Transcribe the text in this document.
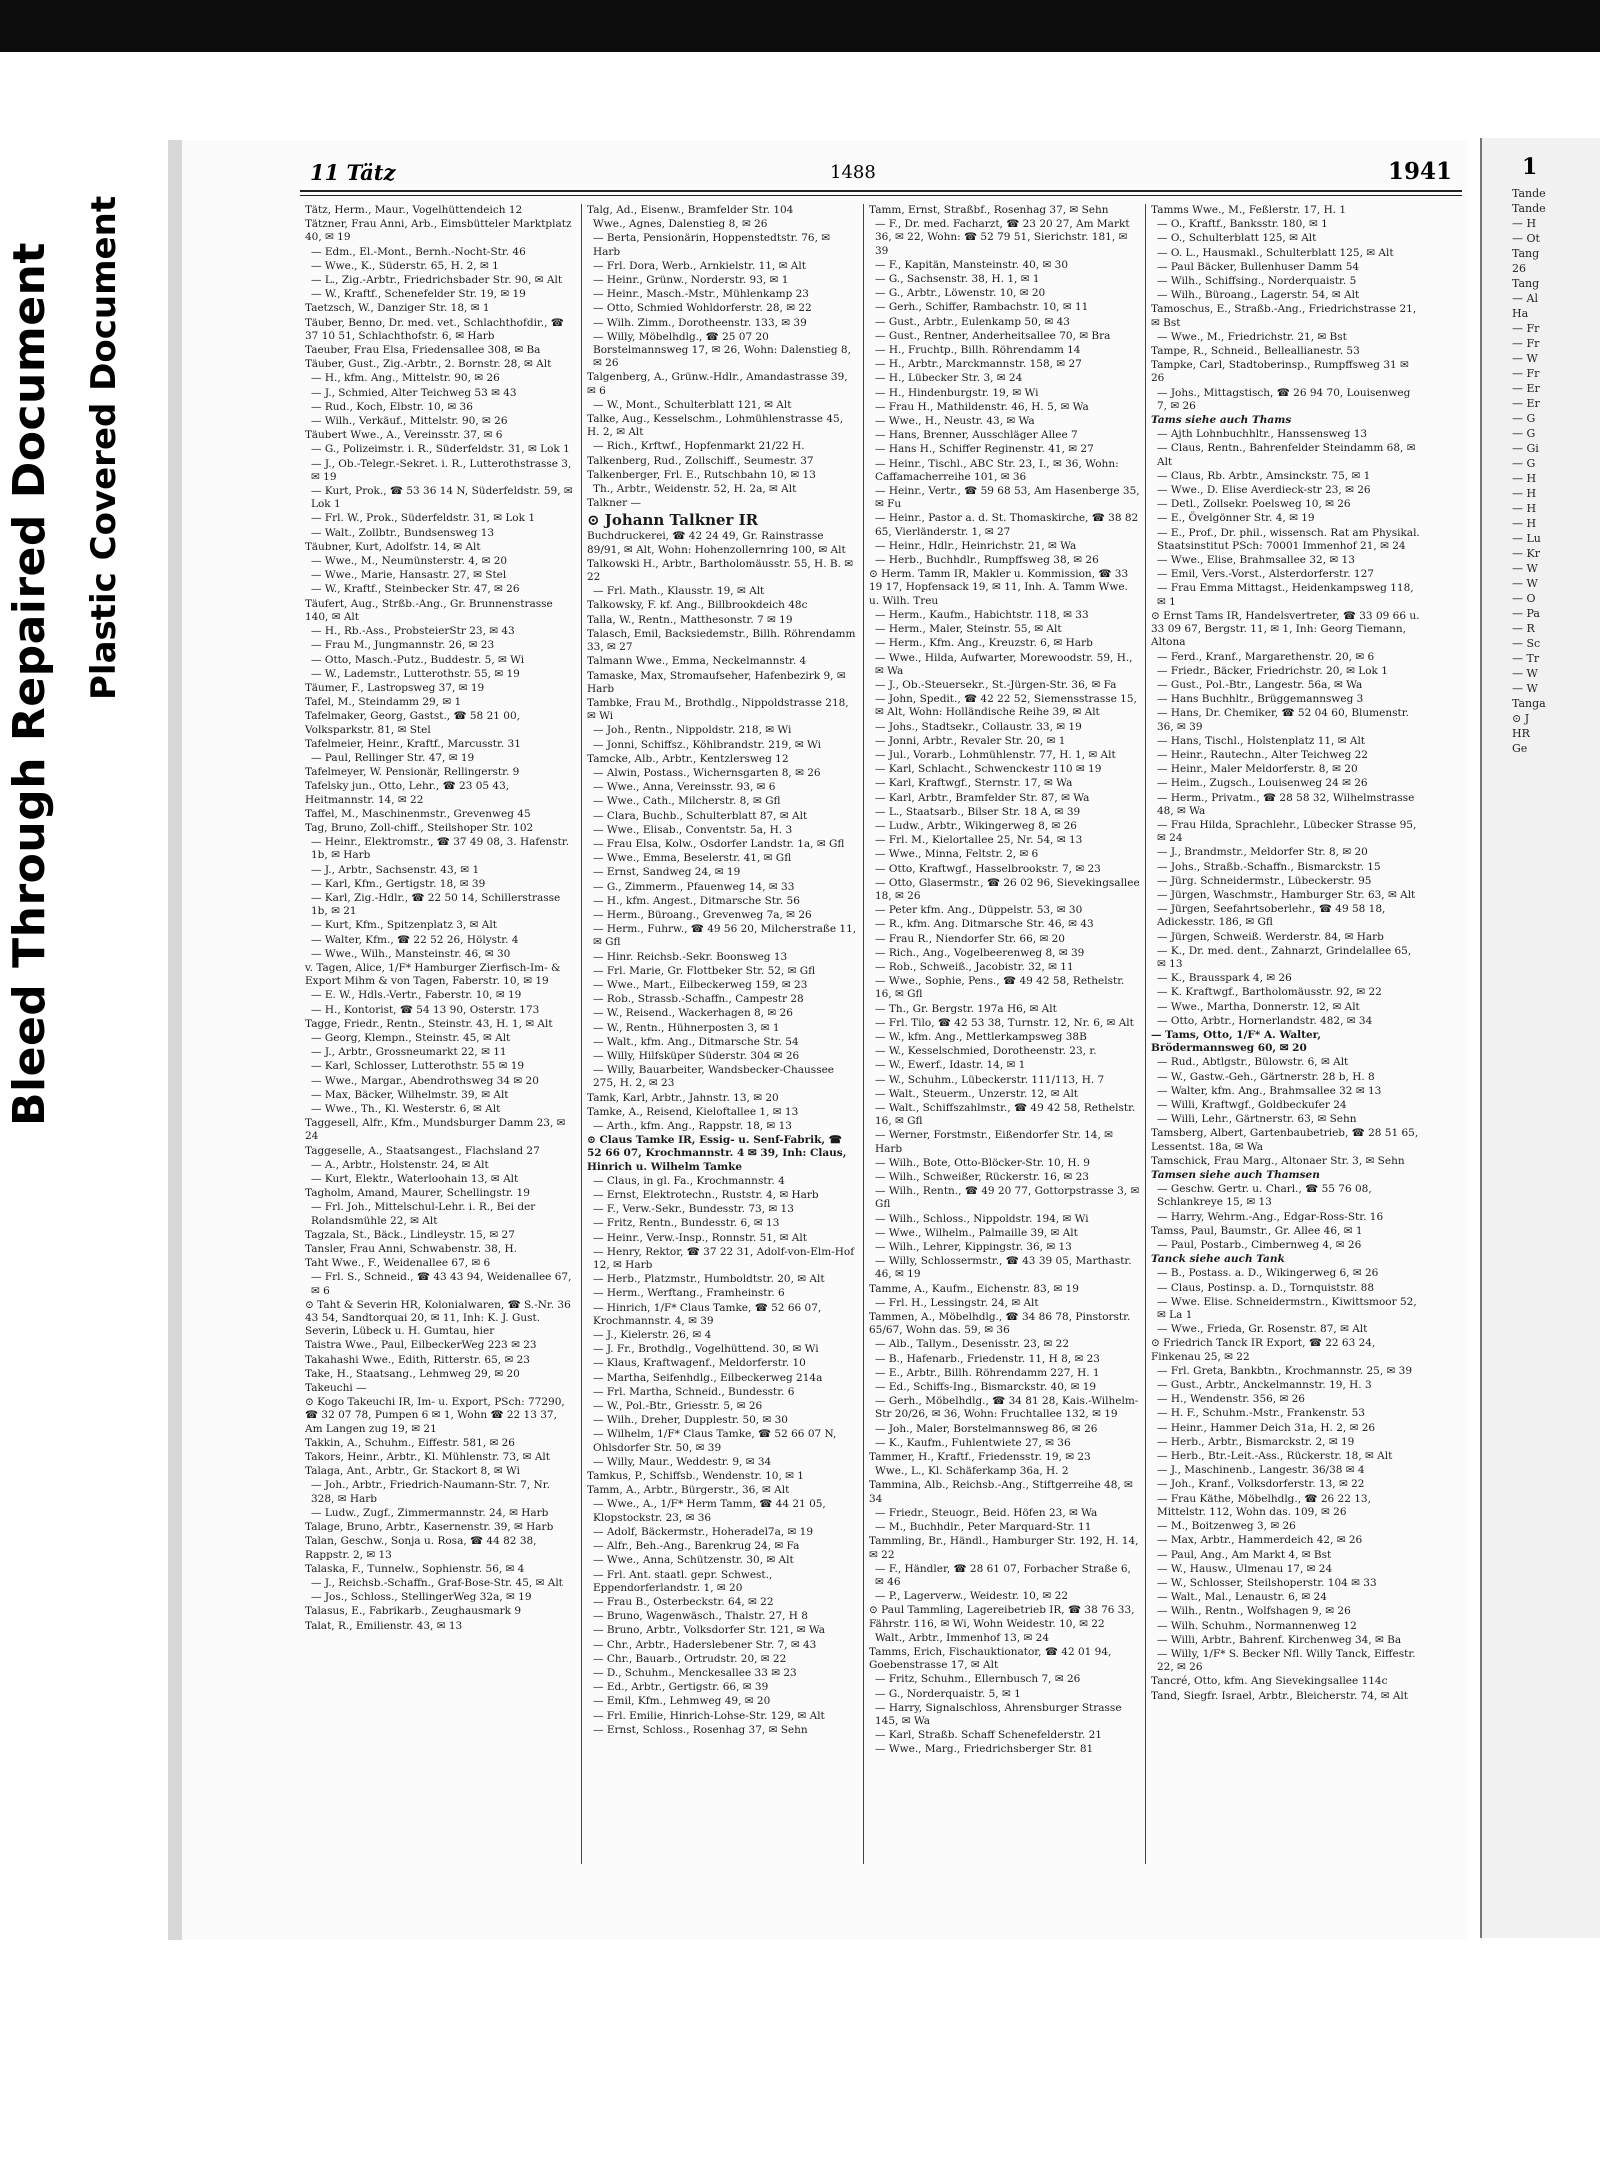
Bleed Through Repaired Document Plastic Covered Document
11 Tätz	1488	1941
Tätz, Herm., Maur., Vogelhüttendeich 12
Tätzner, Frau Anni, Arb., Eimsbütteler Marktplatz 40, ✉ 19
— Edm., El.-Mont., Bernh.-Nocht-Str. 46
— Wwe., K., Süderstr. 65, H. 2, ✉ 1
— L., Zig.-Arbtr., Friedrichsbader Str. 90, ✉ Alt
— W., Kraftf., Schenefelder Str. 19, ✉ 19
Taetzsch, W., Danziger Str. 18, ✉ 1
Täuber, Benno, Dr. med. vet., Schlachthofdir., ☎ 37 10 51, Schlachthofstr. 6, ✉ Harb
Taeuber, Frau Elsa, Friedensallee 308, ✉ Ba
Täuber, Gust., Zig.-Arbtr., 2. Bornstr. 28, ✉ Alt
— H., kfm. Ang., Mittelstr. 90, ✉ 26
— J., Schmied, Alter Teichweg 53 ✉ 43
— Rud., Koch, Elbstr. 10, ✉ 36
— Wilh., Verkäuf., Mittelstr. 90, ✉ 26
Täubert Wwe., A., Vereinsstr. 37, ✉ 6
— G., Polizeimstr. i. R., Süderfeldstr. 31, ✉ Lok 1
— J., Ob.-Telegr.-Sekret. i. R., Lutterothstrasse 3, ✉ 19
— Kurt, Prok., ☎ 53 36 14 N, Süderfeldstr. 59, ✉ Lok 1
— Frl. W., Prok., Süderfeldstr. 31, ✉ Lok 1
— Walt., Zollbtr., Bundsensweg 13
Täubner, Kurt, Adolfstr. 14, ✉ Alt
— Wwe., M., Neumünsterstr. 4, ✉ 20
— Wwe., Marie, Hansastr. 27, ✉ Stel
— W., Kraftf., Steinbecker Str. 47, ✉ 26
Täufert, Aug., Strßb.-Ang., Gr. Brunnenstrasse 140, ✉ Alt
— H., Rb.-Ass., ProbsteierStr 23, ✉ 43
— Frau M., Jungmannstr. 26, ✉ 23
— Otto, Masch.-Putz., Buddestr. 5, ✉ Wi
— W., Lademstr., Lutterothstr. 55, ✉ 19
Täumer, F., Lastropsweg 37, ✉ 19
Tafel, M., Steindamm 29, ✉ 1
Tafelmaker, Georg, Gastst., ☎ 58 21 00, Volksparkstr. 81, ✉ Stel
Tafelmeier, Heinr., Kraftf., Marcusstr. 31
— Paul, Rellinger Str. 47, ✉ 19
Tafelmeyer, W. Pensionär, Rellingerstr. 9
Tafelsky jun., Otto, Lehr., ☎ 23 05 43, Heitmannstr. 14, ✉ 22
Taffel, M., Maschinenmstr., Grevenweg 45
Tag, Bruno, Zoll-chiff., Steilshoper Str. 102
— Heinr., Elektromstr., ☎ 37 49 08, 3. Hafenstr. 1b, ✉ Harb
— J., Arbtr., Sachsenstr. 43, ✉ 1
— Karl, Kfm., Gertigstr. 18, ✉ 39
— Karl, Zig.-Hdlr., ☎ 22 50 14, Schillerstrasse 1b, ✉ 21
— Kurt, Kfm., Spitzenplatz 3, ✉ Alt
— Walter, Kfm., ☎ 22 52 26, Hölystr. 4
— Wwe., Wilh., Mansteinstr. 46, ✉ 30
v. Tagen, Alice, 1/F* Hamburger Zierfisch-Im- & Export Mihm & von Tagen, Faberstr. 10, ✉ 19
— E. W., Hdls.-Vertr., Faberstr. 10, ✉ 19
— H., Kontorist, ☎ 54 13 90, Osterstr. 173
Tagge, Friedr., Rentn., Steinstr. 43, H. 1, ✉ Alt
— Georg, Klempn., Steinstr. 45, ✉ Alt
— J., Arbtr., Grossneumarkt 22, ✉ 11
— Karl, Schlosser, Lutterothstr. 55 ✉ 19
— Wwe., Margar., Abendrothsweg 34 ✉ 20
— Max, Bäcker, Wilhelmstr. 39, ✉ Alt
— Wwe., Th., Kl. Westerstr. 6, ✉ Alt
Taggesell, Alfr., Kfm., Mundsburger Damm 23, ✉ 24
Taggeselle, A., Staatsangest., Flachsland 27
— A., Arbtr., Holstenstr. 24, ✉ Alt
— Kurt, Elektr., Waterloohain 13, ✉ Alt
Tagholm, Amand, Maurer, Schellingstr. 19
— Frl. Joh., Mittelschul-Lehr. i. R., Bei der Rolandsmühle 22, ✉ Alt
Tagzala, St., Bäck., Lindleystr. 15, ✉ 27
Tansler, Frau Anni, Schwabenstr. 38, H.
Taht Wwe., F., Weidenallee 67, ✉ 6
— Frl. S., Schneid., ☎ 43 43 94, Weidenallee 67, ✉ 6
⊙ Taht & Severin HR, Kolonialwaren, ☎ S.-Nr. 36 43 54, Sandtorquai 20, ✉ 11, Inh: K. J. Gust. Severin, Lübeck u. H. Gumtau, hier
Taistra Wwe., Paul, EilbeckerWeg 223 ✉ 23
Takahashi Wwe., Edith, Ritterstr. 65, ✉ 23
Take, H., Staatsang., Lehmweg 29, ✉ 20
Takeuchi —
⊙ Kogo Takeuchi IR, Im- u. Export, PSch: 77290, ☎ 32 07 78, Pumpen 6 ✉ 1, Wohn ☎ 22 13 37, Am Langen zug 19, ✉ 21
Takkin, A., Schuhm., Eiffestr. 581, ✉ 26
Takors, Heinr., Arbtr., Kl. Mühlenstr. 73, ✉ Alt
Talaga, Ant., Arbtr., Gr. Stackort 8, ✉ Wi
— Joh., Arbtr., Friedrich-Naumann-Str. 7, Nr. 328, ✉ Harb
— Ludw., Zugf., Zimmermannstr. 24, ✉ Harb
Talage, Bruno, Arbtr., Kasernenstr. 39, ✉ Harb
Talan, Geschw., Sonja u. Rosa, ☎ 44 82 38, Rappstr. 2, ✉ 13
Talaska, F., Tunnelw., Sophienstr. 56, ✉ 4
— J., Reichsb.-Schaffn., Graf-Bose-Str. 45, ✉ Alt
— Jos., Schloss., StellingerWeg 32a, ✉ 19
Talasus, E., Fabrikarb., Zeughausmark 9
Talat, R., Emilienstr. 43, ✉ 13
Talg, Ad., Eisenw., Bramfelder Str. 104
Wwe., Agnes, Dalenstieg 8, ✉ 26
— Berta, Pensionärin, Hoppenstedtstr. 76, ✉ Harb
— Frl. Dora, Werb., Arnkielstr. 11, ✉ Alt
— Heinr., Grünw., Norderstr. 93, ✉ 1
— Heinr., Masch.-Mstr., Mühlenkamp 23
— Otto, Schmied Wohldorferstr. 28, ✉ 22
— Wilh. Zimm., Dorotheenstr. 133, ✉ 39
— Willy, Möbelhdlg., ☎ 25 07 20 Borstelmannsweg 17, ✉ 26, Wohn: Dalenstieg 8, ✉ 26
Talgenberg, A., Grünw.-Hdlr., Amandastrasse 39, ✉ 6
— W., Mont., Schulterblatt 121, ✉ Alt
Talke, Aug., Kesselschm., Lohmühlenstrasse 45, H. 2, ✉ Alt
— Rich., Krftwf., Hopfenmarkt 21/22 H.
Talkenberg, Rud., Zollschiff., Seumestr. 37
Talkenberger, Frl. E., Rutschbahn 10, ✉ 13
Th., Arbtr., Weidenstr. 52, H. 2a, ✉ Alt
Talkner —
⊙ Johann Talkner IR
Buchdruckerei, ☎ 42 24 49, Gr. Rainstrasse 89/91, ✉ Alt, Wohn: Hohenzollernring 100, ✉ Alt
Talkowski H., Arbtr., Bartholomäusstr. 55, H. B. ✉ 22
— Frl. Math., Klausstr. 19, ✉ Alt
Talkowsky, F. kf. Ang., Billbrookdeich 48c
Talla, W., Rentn., Matthesonstr. 7 ✉ 19
Talasch, Emil, Backsiedemstr., Billh. Röhrendamm 33, ✉ 27
Talmann Wwe., Emma, Neckelmannstr. 4
Tamaske, Max, Stromaufseher, Hafenbezirk 9, ✉ Harb
Tambke, Frau M., Brothdlg., Nippoldstrasse 218, ✉ Wi
— Joh., Rentn., Nippoldstr. 218, ✉ Wi
— Jonni, Schiffsz., Köhlbrandstr. 219, ✉ Wi
Tamcke, Alb., Arbtr., Kentzlersweg 12
— Alwin, Postass., Wichernsgarten 8, ✉ 26
— Wwe., Anna, Vereinsstr. 93, ✉ 6
— Wwe., Cath., Milcherstr. 8, ✉ Gfl
— Clara, Buchb., Schulterblatt 87, ✉ Alt
— Wwe., Elisab., Conventstr. 5a, H. 3
— Frau Elsa, Kolw., Osdorfer Landstr. 1a, ✉ Gfl
— Wwe., Emma, Beselerstr. 41, ✉ Gfl
— Ernst, Sandweg 24, ✉ 19
— G., Zimmerm., Pfauenweg 14, ✉ 33
— H., kfm. Angest., Ditmarsche Str. 56
— Herm., Büroang., Grevenweg 7a, ✉ 26
— Herm., Fuhrw., ☎ 49 56 20, Milcherstraße 11, ✉ Gfl
— Hinr. Reichsb.-Sekr. Boonsweg 13
— Frl. Marie, Gr. Flottbeker Str. 52, ✉ Gfl
— Wwe., Mart., Eilbeckerweg 159, ✉ 23
— Rob., Strassb.-Schaffn., Campestr 28
— W., Reisend., Wackerhagen 8, ✉ 26
— W., Rentn., Hühnerposten 3, ✉ 1
— Walt., kfm. Ang., Ditmarsche Str. 54
— Willy, Hilfsküper Süderstr. 304 ✉ 26
— Willy, Bauarbeiter, Wandsbecker-Chaussee 275, H. 2, ✉ 23
Tamk, Karl, Arbtr., Jahnstr. 13, ✉ 20
Tamke, A., Reisend, Kieloftallee 1, ✉ 13
— Arth., kfm. Ang., Rappstr. 18, ✉ 13
⊙ Claus Tamke IR, Essig- u. Senf-Fabrik, ☎ 52 66 07, Krochmannstr. 4 ✉ 39, Inh: Claus, Hinrich u. Wilhelm Tamke
— Claus, in gl. Fa., Krochmannstr. 4
— Ernst, Elektrotechn., Ruststr. 4, ✉ Harb
— F., Verw.-Sekr., Bundesstr. 73, ✉ 13
— Fritz, Rentn., Bundesstr. 6, ✉ 13
— Heinr., Verw.-Insp., Ronnstr. 51, ✉ Alt
— Henry, Rektor, ☎ 37 22 31, Adolf-von-Elm-Hof 12, ✉ Harb
— Herb., Platzmstr., Humboldtstr. 20, ✉ Alt
— Herm., Werftang., Framheinstr. 6
— Hinrich, 1/F* Claus Tamke, ☎ 52 66 07, Krochmannstr. 4, ✉ 39
— J., Kielerstr. 26, ✉ 4
— J. Fr., Brothdlg., Vogelhüttend. 30, ✉ Wi
— Klaus, Kraftwagenf., Meldorferstr. 10
— Martha, Seifenhdlg., Eilbeckerweg 214a
— Frl. Martha, Schneid., Bundesstr. 6
— W., Pol.-Btr., Griesstr. 5, ✉ 26
— Wilh., Dreher, Dupplestr. 50, ✉ 30
— Wilhelm, 1/F* Claus Tamke, ☎ 52 66 07 N, Ohlsdorfer Str. 50, ✉ 39
— Willy, Maur., Weddestr. 9, ✉ 34
Tamkus, P., Schiffsb., Wendenstr. 10, ✉ 1
Tamm, A., Arbtr., Bürgerstr., 36, ✉ Alt
— Wwe., A., 1/F* Herm Tamm, ☎ 44 21 05, Klopstockstr. 23, ✉ 36
— Adolf, Bäckermstr., Hoheradel7a, ✉ 19
— Alfr., Beh.-Ang., Barenkrug 24, ✉ Fa
— Wwe., Anna, Schützenstr. 30, ✉ Alt
— Frl. Ant. staatl. gepr. Schwest., Eppendorferlandstr. 1, ✉ 20
— Frau B., Osterbeckstr. 64, ✉ 22
— Bruno, Wagenwäsch., Thalstr. 27, H 8
— Bruno, Arbtr., Volksdorfer Str. 121, ✉ Wa
— Chr., Arbtr., Haderslebener Str. 7, ✉ 43
— Chr., Bauarb., Ortrudstr. 20, ✉ 22
— D., Schuhm., Menckesallee 33 ✉ 23
— Ed., Arbtr., Gertigstr. 66, ✉ 39
— Emil, Kfm., Lehmweg 49, ✉ 20
— Frl. Emilie, Hinrich-Lohse-Str. 129, ✉ Alt
— Ernst, Schloss., Rosenhag 37, ✉ Sehn
Tamm, Ernst, Straßbf., Rosenhag 37, ✉ Sehn
— F., Dr. med. Facharzt, ☎ 23 20 27, Am Markt 36, ✉ 22, Wohn: ☎ 52 79 51, Sierichstr. 181, ✉ 39
— F., Kapitän, Mansteinstr. 40, ✉ 30
— G., Sachsenstr. 38, H. 1, ✉ 1
— G., Arbtr., Löwenstr. 10, ✉ 20
— Gerh., Schiffer, Rambachstr. 10, ✉ 11
— Gust., Arbtr., Eulenkamp 50, ✉ 43
— Gust., Rentner, Anderheitsallee 70, ✉ Bra
— H., Fruchtp., Billh. Röhrendamm 14
— H., Arbtr., Marckmannstr. 158, ✉ 27
— H., Lübecker Str. 3, ✉ 24
— H., Hindenburgstr. 19, ✉ Wi
— Frau H., Mathildenstr. 46, H. 5, ✉ Wa
— Wwe., H., Neustr. 43, ✉ Wa
— Hans, Brenner, Ausschläger Allee 7
— Hans H., Schiffer Reginenstr. 41, ✉ 27
— Heinr., Tischl., ABC Str. 23, I., ✉ 36, Wohn: Caffamacherreihe 101, ✉ 36
— Heinr., Vertr., ☎ 59 68 53, Am Hasenberge 35, ✉ Fu
— Heinr., Pastor a. d. St. Thomaskirche, ☎ 38 82 65, Vierländerstr. 1, ✉ 27
— Heinr., Hdlr., Heinrichstr. 21, ✉ Wa
— Herb., Buchhdlr., Rumpffsweg 38, ✉ 26
⊙ Herm. Tamm IR, Makler u. Kommission, ☎ 33 19 17, Hopfensack 19, ✉ 11, Inh. A. Tamm Wwe. u. Wilh. Treu
— Herm., Kaufm., Habichtstr. 118, ✉ 33
— Herm., Maler, Steinstr. 55, ✉ Alt
— Herm., Kfm. Ang., Kreuzstr. 6, ✉ Harb
— Wwe., Hilda, Aufwarter, Morewoodstr. 59, H., ✉ Wa
— J., Ob.-Steuersekr., St.-Jürgen-Str. 36, ✉ Fa
— John, Spedit., ☎ 42 22 52, Siemensstrasse 15, ✉ Alt, Wohn: Holländische Reihe 39, ✉ Alt
— Johs., Stadtsekr., Collaustr. 33, ✉ 19
— Jonni, Arbtr., Revaler Str. 20, ✉ 1
— Jul., Vorarb., Lohmühlenstr. 77, H. 1, ✉ Alt
— Karl, Schlacht., Schwenckestr 110 ✉ 19
— Karl, Kraftwgf., Sternstr. 17, ✉ Wa
— Karl, Arbtr., Bramfelder Str. 87, ✉ Wa
— L., Staatsarb., Bilser Str. 18 A, ✉ 39
— Ludw., Arbtr., Wikingerweg 8, ✉ 26
— Frl. M., Kielortallee 25, Nr. 54, ✉ 13
— Wwe., Minna, Feltstr. 2, ✉ 6
— Otto, Kraftwgf., Hasselbrookstr. 7, ✉ 23
— Otto, Glasermstr., ☎ 26 02 96, Sievekingsallee 18, ✉ 26
— Peter kfm. Ang., Düppelstr. 53, ✉ 30
— R., kfm. Ang. Ditmarsche Str. 46, ✉ 43
— Frau R., Niendorfer Str. 66, ✉ 20
— Rich., Ang., Vogelbeerenweg 8, ✉ 39
— Rob., Schweiß., Jacobistr. 32, ✉ 11
— Wwe., Sophie, Pens., ☎ 49 42 58, Rethelstr. 16, ✉ Gfl
— Th., Gr. Bergstr. 197a H6, ✉ Alt
— Frl. Tilo, ☎ 42 53 38, Turnstr. 12, Nr. 6, ✉ Alt
— W., kfm. Ang., Mettlerkampsweg 38B
— W., Kesselschmied, Dorotheenstr. 23, r.
— W., Ewerf., Idastr. 14, ✉ 1
— W., Schuhm., Lübeckerstr. 111/113, H. 7
— Walt., Steuerm., Unzerstr. 12, ✉ Alt
— Walt., Schiffszahlmstr., ☎ 49 42 58, Rethelstr. 16, ✉ Gfl
— Werner, Forstmstr., Eißendorfer Str. 14, ✉ Harb
— Wilh., Bote, Otto-Blöcker-Str. 10, H. 9
— Wilh., Schweißer, Rückerstr. 16, ✉ 23
— Wilh., Rentn., ☎ 49 20 77, Gottorpstrasse 3, ✉ Gfl
— Wilh., Schloss., Nippoldstr. 194, ✉ Wi
— Wwe., Wilhelm., Palmaille 39, ✉ Alt
— Wilh., Lehrer, Kippingstr. 36, ✉ 13
— Willy, Schlossermstr., ☎ 43 39 05, Marthastr. 46, ✉ 19
Tamme, A., Kaufm., Eichenstr. 83, ✉ 19
— Frl. H., Lessingstr. 24, ✉ Alt
Tammen, A., Möbelhdlg., ☎ 34 86 78, Pinstorstr. 65/67, Wohn das. 59, ✉ 36
— Alb., Tallym., Desenisstr. 23, ✉ 22
— B., Hafenarb., Friedenstr. 11, H 8, ✉ 23
— E., Arbtr., Billh. Röhrendamm 227, H. 1
— Ed., Schiffs-Ing., Bismarckstr. 40, ✉ 19
— Gerh., Möbelhdlg., ☎ 34 81 28, Kais.-Wilhelm-Str 20/26, ✉ 36, Wohn: Fruchtallee 132, ✉ 19
— Joh., Maler, Borstelmannsweg 86, ✉ 26
— K., Kaufm., Fuhlentwiete 27, ✉ 36
Tammer, H., Kraftf., Friedensstr. 19, ✉ 23
Wwe., L., Kl. Schäferkamp 36a, H. 2
Tammina, Alb., Reichsb.-Ang., Stiftgerreihe 48, ✉ 34
— Friedr., Steuogr., Beid. Höfen 23, ✉ Wa
— M., Buchhdlr., Peter Marquard-Str. 11
Tammling, Br., Händl., Hamburger Str. 192, H. 14, ✉ 22
— F., Händler, ☎ 28 61 07, Forbacher Straße 6, ✉ 46
— P., Lagerverw., Weidestr. 10, ✉ 22
⊙ Paul Tammling, Lagereibetrieb IR, ☎ 38 76 33, Fährstr. 116, ✉ Wi, Wohn Weidestr. 10, ✉ 22
Walt., Arbtr., Immenhof 13, ✉ 24
Tamms, Erich, Fischauktionator, ☎ 42 01 94, Goebenstrasse 17, ✉ Alt
— Fritz, Schuhm., Ellernbusch 7, ✉ 26
— G., Norderquaistr. 5, ✉ 1
— Harry, Signalschloss, Ahrensburger Strasse 145, ✉ Wa
— Karl, Straßb. Schaff Schenefelderstr. 21
— Wwe., Marg., Friedrichsberger Str. 81
Tamms Wwe., M., Feßlerstr. 17, H. 1
— O., Kraftf., Banksstr. 180, ✉ 1
— O., Schulterblatt 125, ✉ Alt
— O. L., Hausmakl., Schulterblatt 125, ✉ Alt
— Paul Bäcker, Bullenhuser Damm 54
— Wilh., Schiffsing., Norderquaistr. 5
— Wilh., Büroang., Lagerstr. 54, ✉ Alt
Tamoschus, E., Straßb.-Ang., Friedrichstrasse 21, ✉ Bst
— Wwe., M., Friedrichstr. 21, ✉ Bst
Tampe, R., Schneid., Belleallianestr. 53
Tampke, Carl, Stadtoberinsp., Rumpffsweg 31 ✉ 26
— Johs., Mittagstisch, ☎ 26 94 70, Louisenweg 7, ✉ 26
Tams siehe auch Thams
— Ajth Lohnbuchhltr., Hanssensweg 13
— Claus, Rentn., Bahrenfelder Steindamm 68, ✉ Alt
— Claus, Rb. Arbtr., Amsinckstr. 75, ✉ 1
— Wwe., D. Elise Averdieck-str 23, ✉ 26
— Detl., Zollsekr. Poelsweg 10, ✉ 26
— E., Övelgönner Str. 4, ✉ 19
— E., Prof., Dr. phil., wissensch. Rat am Physikal. Staatsinstitut PSch: 70001 Immenhof 21, ✉ 24
— Wwe., Elise, Brahmsallee 32, ✉ 13
— Emil, Vers.-Vorst., Alsterdorferstr. 127
— Frau Emma Mittagst., Heidenkampsweg 118, ✉ 1
⊙ Ernst Tams IR, Handelsvertreter, ☎ 33 09 66 u. 33 09 67, Bergstr. 11, ✉ 1, Inh: Georg Tiemann, Altona
— Ferd., Kranf., Margarethenstr. 20, ✉ 6
— Friedr., Bäcker, Friedrichstr. 20, ✉ Lok 1
— Gust., Pol.-Btr., Langestr. 56a, ✉ Wa
— Hans Buchhltr., Brüggemannsweg 3
— Hans, Dr. Chemiker, ☎ 52 04 60, Blumenstr. 36, ✉ 39
— Hans, Tischl., Holstenplatz 11, ✉ Alt
— Heinr., Rautechn., Alter Teichweg 22
— Heinr., Maler Meldorferstr. 8, ✉ 20
— Heim., Zugsch., Louisenweg 24 ✉ 26
— Herm., Privatm., ☎ 28 58 32, Wilhelmstrasse 48, ✉ Wa
— Frau Hilda, Sprachlehr., Lübecker Strasse 95, ✉ 24
— J., Brandmstr., Meldorfer Str. 8, ✉ 20
— Johs., Straßb.-Schaffn., Bismarckstr. 15
— Jürg. Schneidermstr., Lübeckerstr. 95
— Jürgen, Waschmstr., Hamburger Str. 63, ✉ Alt
— Jürgen, Seefahrtsoberlehr., ☎ 49 58 18, Adickesstr. 186, ✉ Gfl
— Jürgen, Schweiß. Werderstr. 84, ✉ Harb
— K., Dr. med. dent., Zahnarzt, Grindelallee 65, ✉ 13
— K., Brausspark 4, ✉ 26
— K. Kraftwgf., Bartholomäusstr. 92, ✉ 22
— Wwe., Martha, Donnerstr. 12, ✉ Alt
— Otto, Arbtr., Hornerlandstr. 482, ✉ 34
— Tams, Otto, 1/F* A. Walter, Brödermannsweg 60, ✉ 20
— Rud., Abtlgstr., Bülowstr. 6, ✉ Alt
— W., Gastw.-Geh., Gärtnerstr. 28 b, H. 8
— Walter, kfm. Ang., Brahmsallee 32 ✉ 13
— Willi, Kraftwgf., Goldbeckufer 24
— Willi, Lehr., Gärtnerstr. 63, ✉ Sehn
Tamsberg, Albert, Gartenbaubetrieb, ☎ 28 51 65, Lessentst. 18a, ✉ Wa
Tamschick, Frau Marg., Altonaer Str. 3, ✉ Sehn
Tamsen siehe auch Thamsen
— Geschw. Gertr. u. Charl., ☎ 55 76 08, Schlankreye 15, ✉ 13
— Harry, Wehrm.-Ang., Edgar-Ross-Str. 16
Tamss, Paul, Baumstr., Gr. Allee 46, ✉ 1
— Paul, Postarb., Cimbernweg 4, ✉ 26
Tanck siehe auch Tank
— B., Postass. a. D., Wikingerweg 6, ✉ 26
— Claus, Postinsp. a. D., Tornquiststr. 88
— Wwe. Elise. Schneidermstrn., Kiwittsmoor 52, ✉ La 1
— Wwe., Frieda, Gr. Rosenstr. 87, ✉ Alt
⊙ Friedrich Tanck IR Export, ☎ 22 63 24, Finkenau 25, ✉ 22
— Frl. Greta, Bankbtn., Krochmannstr. 25, ✉ 39
— Gust., Arbtr., Anckelmannstr. 19, H. 3
— H., Wendenstr. 356, ✉ 26
— H. F., Schuhm.-Mstr., Frankenstr. 53
— Heinr., Hammer Deich 31a, H. 2, ✉ 26
— Herb., Arbtr., Bismarckstr. 2, ✉ 19
— Herb., Btr.-Leit.-Ass., Rückerstr. 18, ✉ Alt
— J., Maschinenb., Langestr. 36/38 ✉ 4
— Joh., Kranf., Volksdorferstr. 13, ✉ 22
— Frau Käthe, Möbelhdlg., ☎ 26 22 13, Mittelstr. 112, Wohn das. 109, ✉ 26
— M., Boitzenweg 3, ✉ 26
— Max, Arbtr., Hammerdeich 42, ✉ 26
— Paul, Ang., Am Markt 4, ✉ Bst
— W., Hausw., Ulmenau 17, ✉ 24
— W., Schlosser, Steilshoperstr. 104 ✉ 33
— Walt., Mal., Lenaustr. 6, ✉ 24
— Wilh., Rentn., Wolfshagen 9, ✉ 26
— Wilh. Schuhm., Normannenweg 12
— Willi, Arbtr., Bahrenf. Kirchenweg 34, ✉ Ba
— Willy, 1/F* S. Becker Nfl. Willy Tanck, Eiffestr. 22, ✉ 26
Tancré, Otto, kfm. Ang Sievekingsallee 114c
Tand, Siegfr. Israel, Arbtr., Bleicherstr. 74, ✉ Alt
1
Tande
Tande
— H
— Ot
Tang
26
Tang
— Al
Ha
— Fr
— Fr
— W
— Fr
— Er
— Er
— G
— G
— Gi
— G
— H
— H
— H
— H
— Lu
— Kr
— W
— W
— O
— Pa
— R
— Sc
— Tr
— W
— W
Tanga
⊙ J
HR
Ge
